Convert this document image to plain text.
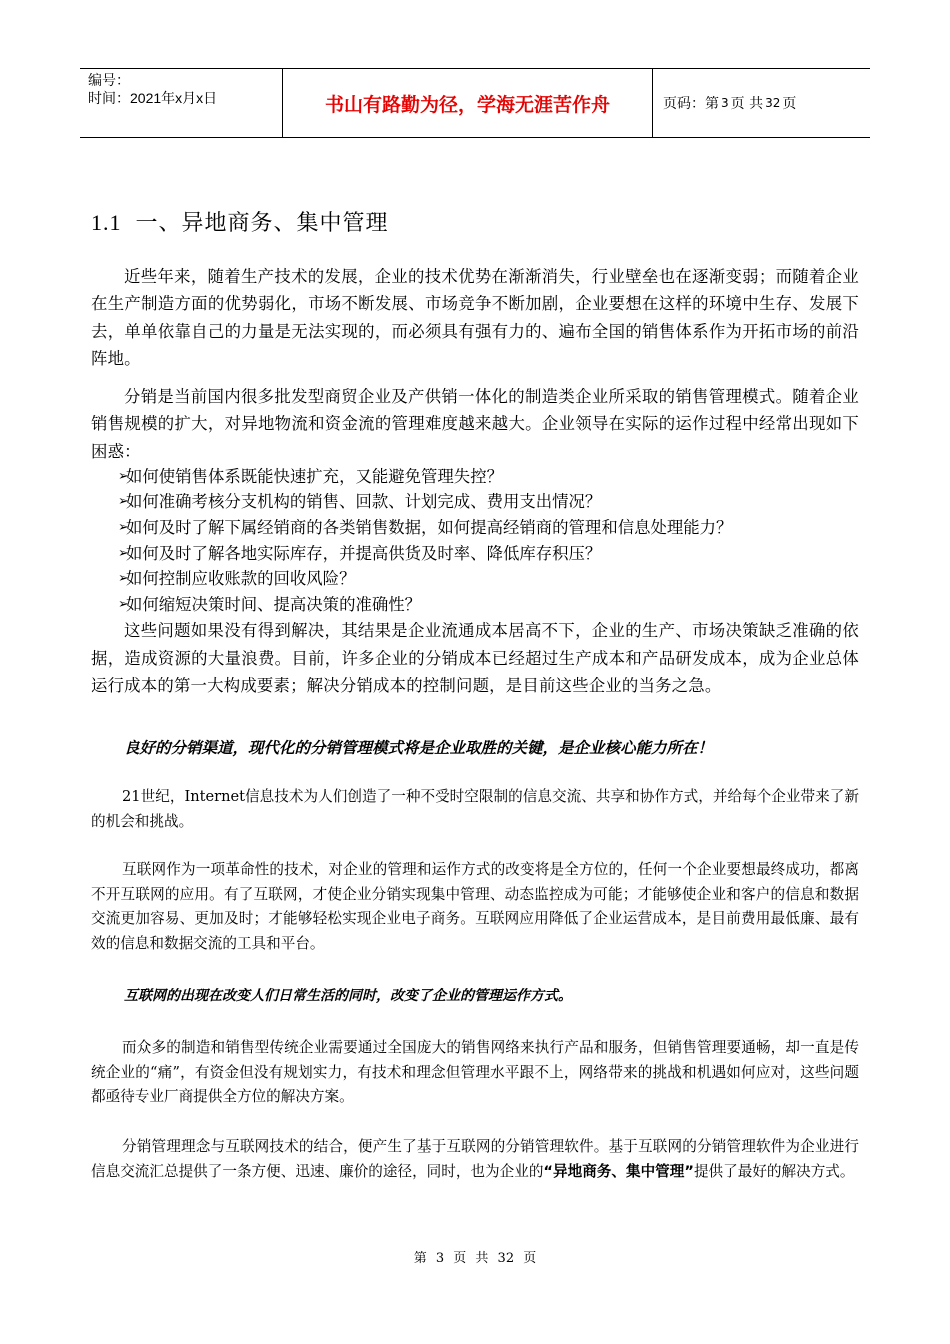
编号：
时间：2021年x月x日	书山有路勤为径，学海无涯苦作舟	页码：第 3 页 共 32 页
1.1 一、异地商务、集中管理

近些年来，随着生产技术的发展，企业的技术优势在渐渐消失，行业壁垒也在逐渐变弱；而随着企业在生产制造方面的优势弱化，市场不断发展、市场竞争不断加剧，企业要想在这样的环境中生存、发展下去，单单依靠自己的力量是无法实现的，而必须具有强有力的、遍布全国的销售体系作为开拓市场的前沿阵地。

分销是当前国内很多批发型商贸企业及产供销一体化的制造类企业所采取的销售管理模式。随着企业销售规模的扩大，对异地物流和资金流的管理难度越来越大。企业领导在实际的运作过程中经常出现如下困惑：

➢
如何使销售体系既能快速扩充，又能避免管理失控？
➢
如何准确考核分支机构的销售、回款、计划完成、费用支出情况？
➢
如何及时了解下属经销商的各类销售数据，如何提高经销商的管理和信息处理能力？
➢
如何及时了解各地实际库存，并提高供货及时率、降低库存积压？
➢
如何控制应收账款的回收风险？
➢
如何缩短决策时间、提高决策的准确性？

这些问题如果没有得到解决，其结果是企业流通成本居高不下，企业的生产、市场决策缺乏准确的依据，造成资源的大量浪费。目前，许多企业的分销成本已经超过生产成本和产品研发成本，成为企业总体运行成本的第一大构成要素；解决分销成本的控制问题，是目前这些企业的当务之急。

良好的分销渠道，现代化的分销管理模式将是企业取胜的关键，是企业核心能力所在！

21世纪，Internet信息技术为人们创造了一种不受时空限制的信息交流、共享和协作方式，并给每个企业带来了新的机会和挑战。

互联网作为一项革命性的技术，对企业的管理和运作方式的改变将是全方位的，任何一个企业要想最终成功，都离不开互联网的应用。有了互联网，才使企业分销实现集中管理、动态监控成为可能；才能够使企业和客户的信息和数据交流更加容易、更加及时；才能够轻松实现企业电子商务。互联网应用降低了企业运营成本，是目前费用最低廉、最有效的信息和数据交流的工具和平台。

互联网的出现在改变人们日常生活的同时，改变了企业的管理运作方式。

而众多的制造和销售型传统企业需要通过全国庞大的销售网络来执行产品和服务，但销售管理要通畅，却一直是传统企业的“痛”，有资金但没有规划实力，有技术和理念但管理水平跟不上，网络带来的挑战和机遇如何应对，这些问题都亟待专业厂商提供全方位的解决方案。

分销管理理念与互联网技术的结合，便产生了基于互联网的分销管理软件。基于互联网的分销管理软件为企业进行信息交流汇总提供了一条方便、迅速、廉价的途径，同时，也为企业的“异地商务、集中管理”提供了最好的解决方式。

第 3 页 共 32 页
